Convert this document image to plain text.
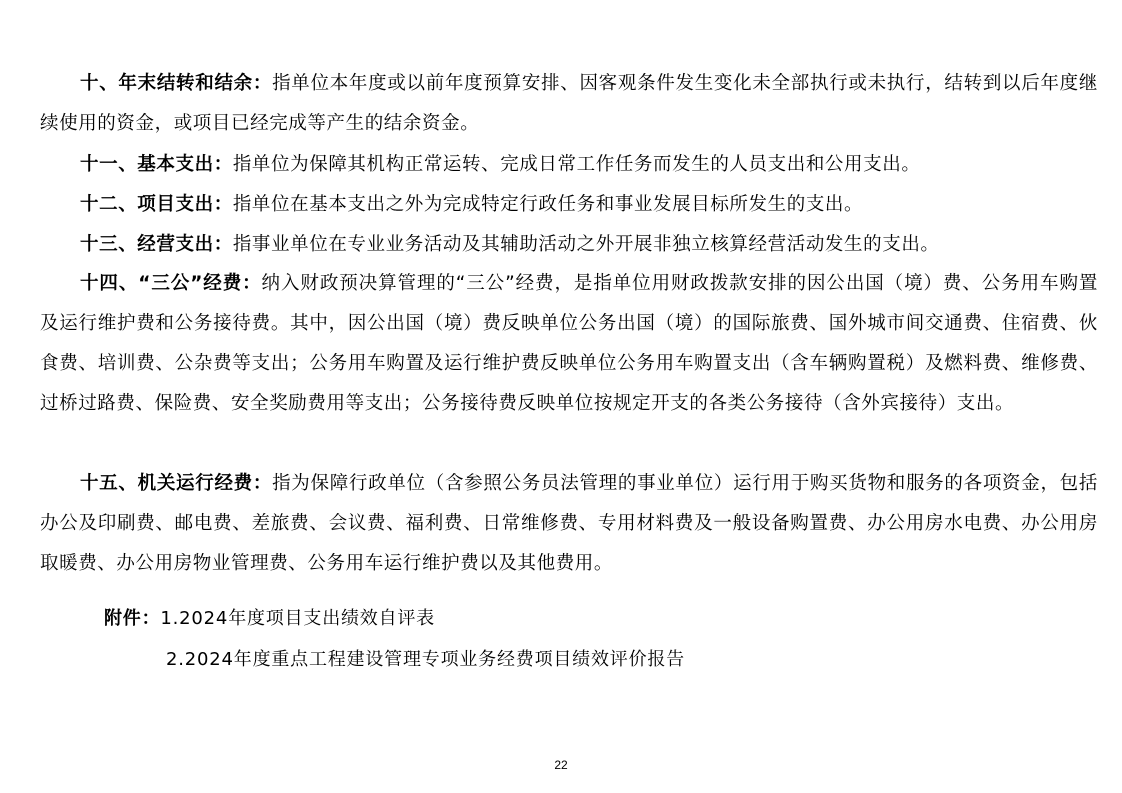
十、年末结转和结余：指单位本年度或以前年度预算安排、因客观条件发生变化未全部执行或未执行，结转到以后年度继续使用的资金，或项目已经完成等产生的结余资金。

十一、基本支出：指单位为保障其机构正常运转、完成日常工作任务而发生的人员支出和公用支出。

十二、项目支出：指单位在基本支出之外为完成特定行政任务和事业发展目标所发生的支出。

十三、经营支出：指事业单位在专业业务活动及其辅助活动之外开展非独立核算经营活动发生的支出。

十四、“三公”经费：纳入财政预决算管理的“三公”经费，是指单位用财政拨款安排的因公出国（境）费、公务用车购置及运行维护费和公务接待费。其中，因公出国（境）费反映单位公务出国（境）的国际旅费、国外城市间交通费、住宿费、伙食费、培训费、公杂费等支出；公务用车购置及运行维护费反映单位公务用车购置支出（含车辆购置税）及燃料费、维修费、过桥过路费、保险费、安全奖励费用等支出；公务接待费反映单位按规定开支的各类公务接待（含外宾接待）支出。

十五、机关运行经费：指为保障行政单位（含参照公务员法管理的事业单位）运行用于购买货物和服务的各项资金，包括办公及印刷费、邮电费、差旅费、会议费、福利费、日常维修费、专用材料费及一般设备购置费、办公用房水电费、办公用房取暖费、办公用房物业管理费、公务用车运行维护费以及其他费用。

附件：1.2024年度项目支出绩效自评表
2.2024年度重点工程建设管理专项业务经费项目绩效评价报告
22
